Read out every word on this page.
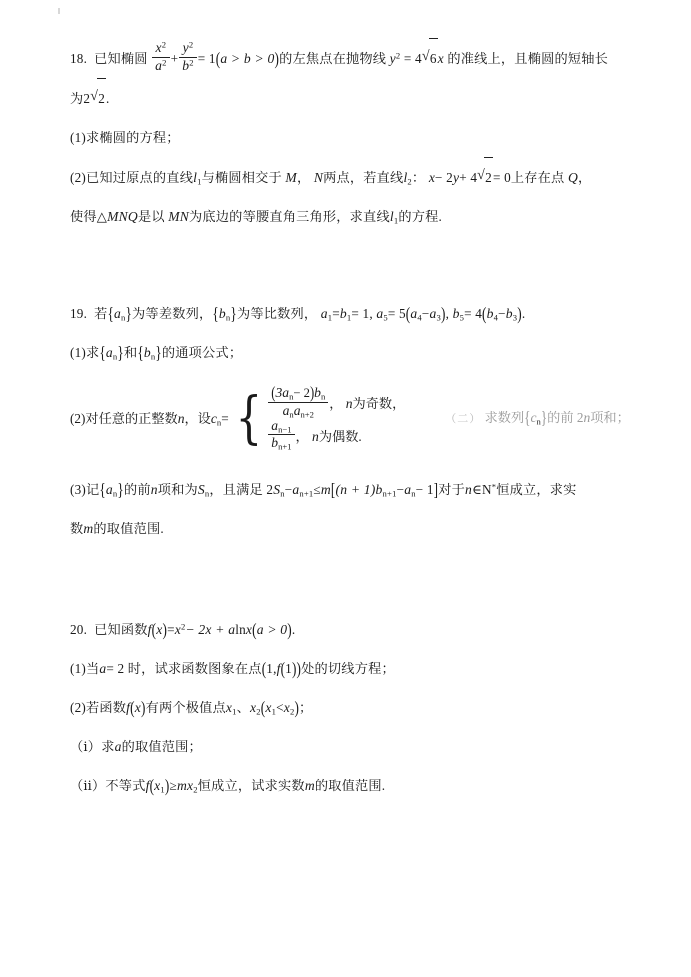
18. 已知椭圆 $\frac{x^2}{a^2} + \frac{y^2}{b^2} = 1(a > b > 0)$的左焦点在抛物线 $y^2 = 4$ √ 6x 的准线上，且椭圆的短轴长
为2 √ 2.
(1)求椭圆的方程；
(2)已知过原点的直线$l_1$与椭圆相交于 M， N两点，若直线$l_2$： x− 2y+ 4 √ 2= 0上存在点 Q，
使得△MNQ是以 MN为底边的等腰直角三角形，求直线$l_1$的方程.
19. 若$\{a_n\}$为等差数列，$\{b_n\}$为等比数列， $a_1=b_1= 1$, $a_5= 5(a_4-a_3)$, $b_5= 4(b_4-b_3)$.
(1)求$\{a_n\}$和$\{b_n\}$的通项公式；
(2)对任意的正整数n，设$c_n=$ { $\frac{(3a_n- 2)b_n}{a_na_{n+2}}$ ， n为奇数，
$\frac{a_{n-1}}{b_{n+1}}$ ， n为偶数.
（二） 求数列$\{c_n\}$的前 2n项和；
(3)记$\{a_n\}$的前n项和为$S_n$，且满足 $2S_n-a_{n+1}\le m[(n + 1)b_{n+1}-a_n- 1]$对于n∈N*恒成立，求实
数m的取值范围.
20. 已知函数$f(x)=x^2- 2x + alnx(a > 0)$.
(1)当a= 2 时，试求函数图象在点(1,f(1))处的切线方程；
(2)若函数f(x)有两个极值点$x_1$、$x_2(x_1<x_2)$；
（ⅰ）求a的取值范围；
（ⅱ）不等式$f(x_1)\ge mx_2$恒成立，试求实数m的取值范围.
